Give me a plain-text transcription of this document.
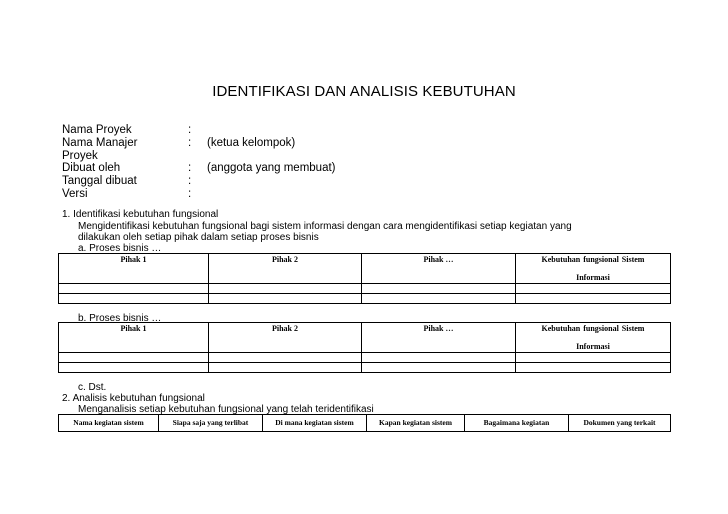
IDENTIFIKASI DAN ANALISIS KEBUTUHAN
Nama Proyek	:
Nama Manajer	: (ketua kelompok)
Proyek
Dibuat oleh	: (anggota yang membuat)
Tanggal dibuat	:
Versi	:
1. Identifikasi kebutuhan fungsional
Mengidentifikasi kebutuhan fungsional bagi sistem informasi dengan cara mengidentifikasi setiap kegiatan yang
dilakukan oleh setiap pihak dalam setiap proses bisnis
a. Proses bisnis …
Pihak 1	Pihak 2	Pihak …	Kebutuhan fungsional Sistem

Informasi

b. Proses bisnis …
Pihak 1	Pihak 2	Pihak …	Kebutuhan fungsional Sistem

Informasi

c. Dst.
2. Analisis kebutuhan fungsional
Menganalisis setiap kebutuhan fungsional yang telah teridentifikasi
Nama kegiatan sistem	Siapa saja yang terlibat	Di mana kegiatan sistem	Kapan kegiatan sistem	Bagaimana kegiatan	Dokumen yang terkait
